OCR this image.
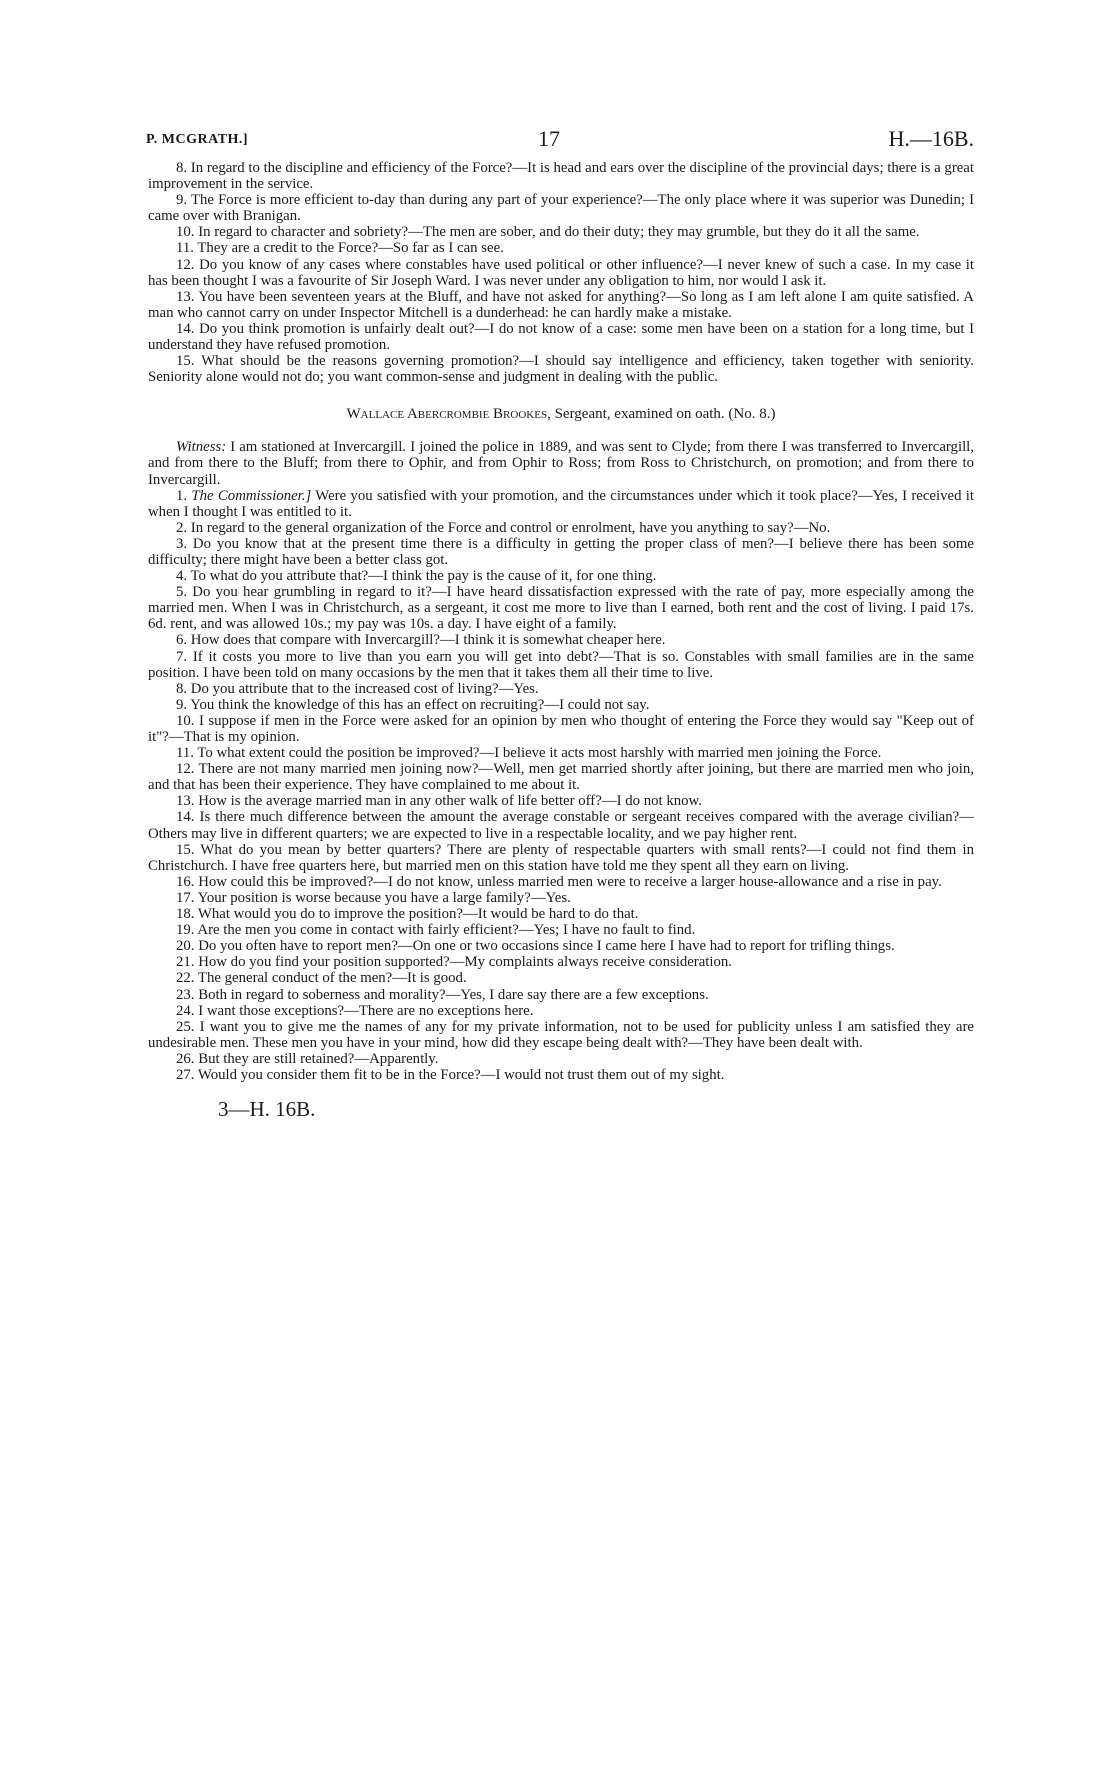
P. MCGRATH.]	17	H.—16B.

8. In regard to the discipline and efficiency of the Force?—It is head and ears over the discipline of the provincial days; there is a great improvement in the service.

9. The Force is more efficient to-day than during any part of your experience?—The only place where it was superior was Dunedin; I came over with Branigan.

10. In regard to character and sobriety?—The men are sober, and do their duty; they may grumble, but they do it all the same.

11. They are a credit to the Force?—So far as I can see.

12. Do you know of any cases where constables have used political or other influence?—I never knew of such a case. In my case it has been thought I was a favourite of Sir Joseph Ward. I was never under any obligation to him, nor would I ask it.

13. You have been seventeen years at the Bluff, and have not asked for anything?—So long as I am left alone I am quite satisfied. A man who cannot carry on under Inspector Mitchell is a dunderhead: he can hardly make a mistake.

14. Do you think promotion is unfairly dealt out?—I do not know of a case: some men have been on a station for a long time, but I understand they have refused promotion.

15. What should be the reasons governing promotion?—I should say intelligence and efficiency, taken together with seniority. Seniority alone would not do; you want common-sense and judgment in dealing with the public.

Wallace Abercrombie Brookes, Sergeant, examined on oath. (No. 8.)

Witness: I am stationed at Invercargill. I joined the police in 1889, and was sent to Clyde; from there I was transferred to Invercargill, and from there to the Bluff; from there to Ophir, and from Ophir to Ross; from Ross to Christchurch, on promotion; and from there to Invercargill.

1. The Commissioner.] Were you satisfied with your promotion, and the circumstances under which it took place?—Yes, I received it when I thought I was entitled to it.

2. In regard to the general organization of the Force and control or enrolment, have you anything to say?—No.

3. Do you know that at the present time there is a difficulty in getting the proper class of men?—I believe there has been some difficulty; there might have been a better class got.

4. To what do you attribute that?—I think the pay is the cause of it, for one thing.

5. Do you hear grumbling in regard to it?—I have heard dissatisfaction expressed with the rate of pay, more especially among the married men. When I was in Christchurch, as a sergeant, it cost me more to live than I earned, both rent and the cost of living. I paid 17s. 6d. rent, and was allowed 10s.; my pay was 10s. a day. I have eight of a family.

6. How does that compare with Invercargill?—I think it is somewhat cheaper here.

7. If it costs you more to live than you earn you will get into debt?—That is so. Constables with small families are in the same position. I have been told on many occasions by the men that it takes them all their time to live.

8. Do you attribute that to the increased cost of living?—Yes.

9. You think the knowledge of this has an effect on recruiting?—I could not say.

10. I suppose if men in the Force were asked for an opinion by men who thought of entering the Force they would say "Keep out of it"?—That is my opinion.

11. To what extent could the position be improved?—I believe it acts most harshly with married men joining the Force.

12. There are not many married men joining now?—Well, men get married shortly after joining, but there are married men who join, and that has been their experience. They have complained to me about it.

13. How is the average married man in any other walk of life better off?—I do not know.

14. Is there much difference between the amount the average constable or sergeant receives compared with the average civilian?—Others may live in different quarters; we are expected to live in a respectable locality, and we pay higher rent.

15. What do you mean by better quarters? There are plenty of respectable quarters with small rents?—I could not find them in Christchurch. I have free quarters here, but married men on this station have told me they spent all they earn on living.

16. How could this be improved?—I do not know, unless married men were to receive a larger house-allowance and a rise in pay.

17. Your position is worse because you have a large family?—Yes.

18. What would you do to improve the position?—It would be hard to do that.

19. Are the men you come in contact with fairly efficient?—Yes; I have no fault to find.

20. Do you often have to report men?—On one or two occasions since I came here I have had to report for trifling things.

21. How do you find your position supported?—My complaints always receive consideration.

22. The general conduct of the men?—It is good.

23. Both in regard to soberness and morality?—Yes, I dare say there are a few exceptions.

24. I want those exceptions?—There are no exceptions here.

25. I want you to give me the names of any for my private information, not to be used for publicity unless I am satisfied they are undesirable men. These men you have in your mind, how did they escape being dealt with?—They have been dealt with.

26. But they are still retained?—Apparently.

27. Would you consider them fit to be in the Force?—I would not trust them out of my sight.

3—H. 16B.
